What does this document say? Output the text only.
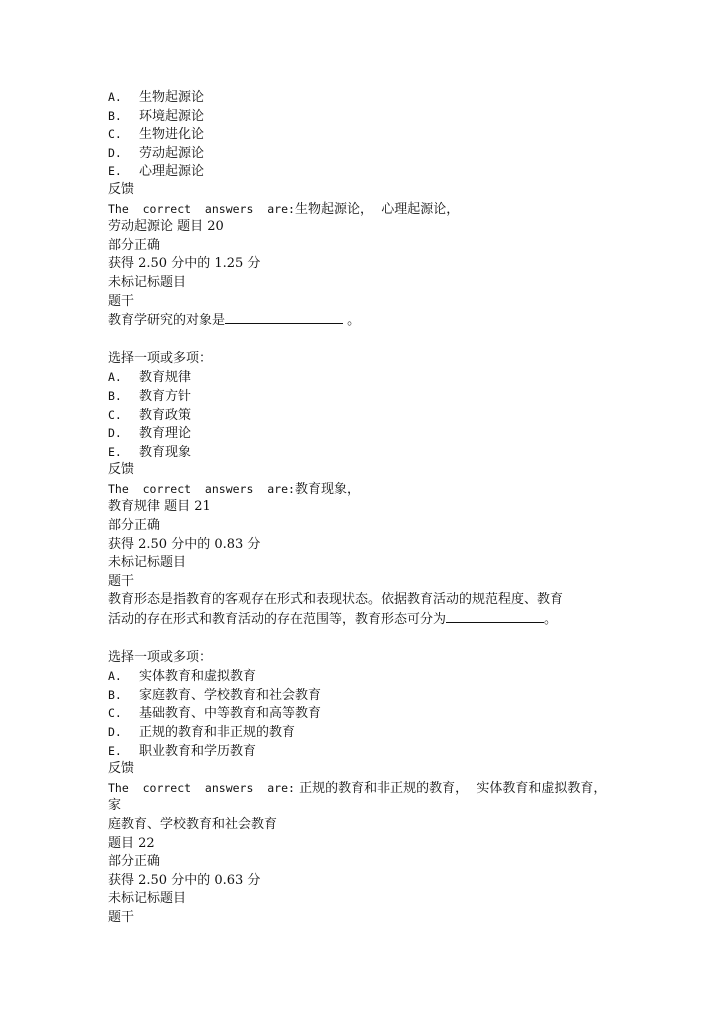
A. 生物起源论
B. 环境起源论
C. 生物进化论
D. 劳动起源论
E. 心理起源论
反馈
The  correct  answers  are:生物起源论，  心理起源论，
劳动起源论 题目 20
部分正确
获得 2.50 分中的 1.25 分
未标记标题目
题干
教育学研究的对象是	。
选择一项或多项：
A. 教育规律
B. 教育方针
C. 教育政策
D. 教育理论
E. 教育现象
反馈
The  correct  answers  are:教育现象，
教育规律 题目 21
部分正确
获得 2.50 分中的 0.83 分
未标记标题目
题干
教育形态是指教育的客观存在形式和表现状态。依据教育活动的规范程度、教育
活动的存在形式和教育活动的存在范围等，教育形态可分为	。
选择一项或多项：
A. 实体教育和虚拟教育
B. 家庭教育、学校教育和社会教育
C. 基础教育、中等教育和高等教育
D. 正规的教育和非正规的教育
E. 职业教育和学历教育
反馈
The  correct  answers  are: 正规的教育和非正规的教育，  实体教育和虚拟教育，
家
庭教育、学校教育和社会教育
题目 22
部分正确
获得 2.50 分中的 0.63 分
未标记标题目
题干
